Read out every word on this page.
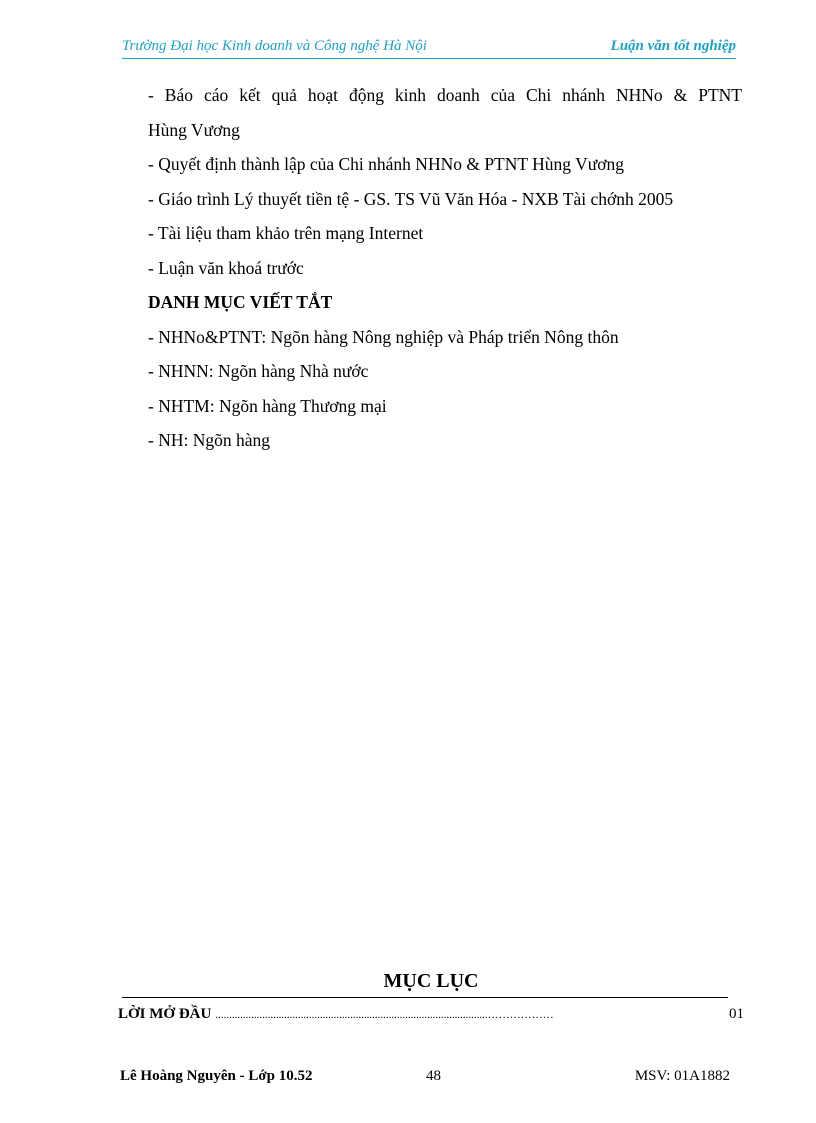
Trường Đại học Kinh doanh và Công nghệ Hà Nội	Luận văn tốt nghiệp
- Báo cáo kết quả hoạt động kinh doanh của Chi nhánh NHNo & PTNT
Hùng Vương
- Quyết định thành lập của Chi nhánh NHNo & PTNT Hùng Vương
- Giáo trình Lý thuyết tiền tệ - GS. TS Vũ Văn Hóa - NXB Tài chớnh 2005
- Tài liệu tham khảo trên mạng Internet
- Luận văn khoá trước
DANH MỤC VIẾT TẮT
- NHNo&PTNT: Ngõn hàng Nông nghiệp và Pháp triển Nông thôn
- NHNN: Ngõn hàng Nhà nước
- NHTM: Ngõn hàng Thương mại
- NH: Ngõn hàng
MỤC LỤC
LỜI MỞ ĐẦU ...................................................................................................………………	01
Lê Hoàng Nguyên - Lớp 10.52	48	MSV: 01A1882
